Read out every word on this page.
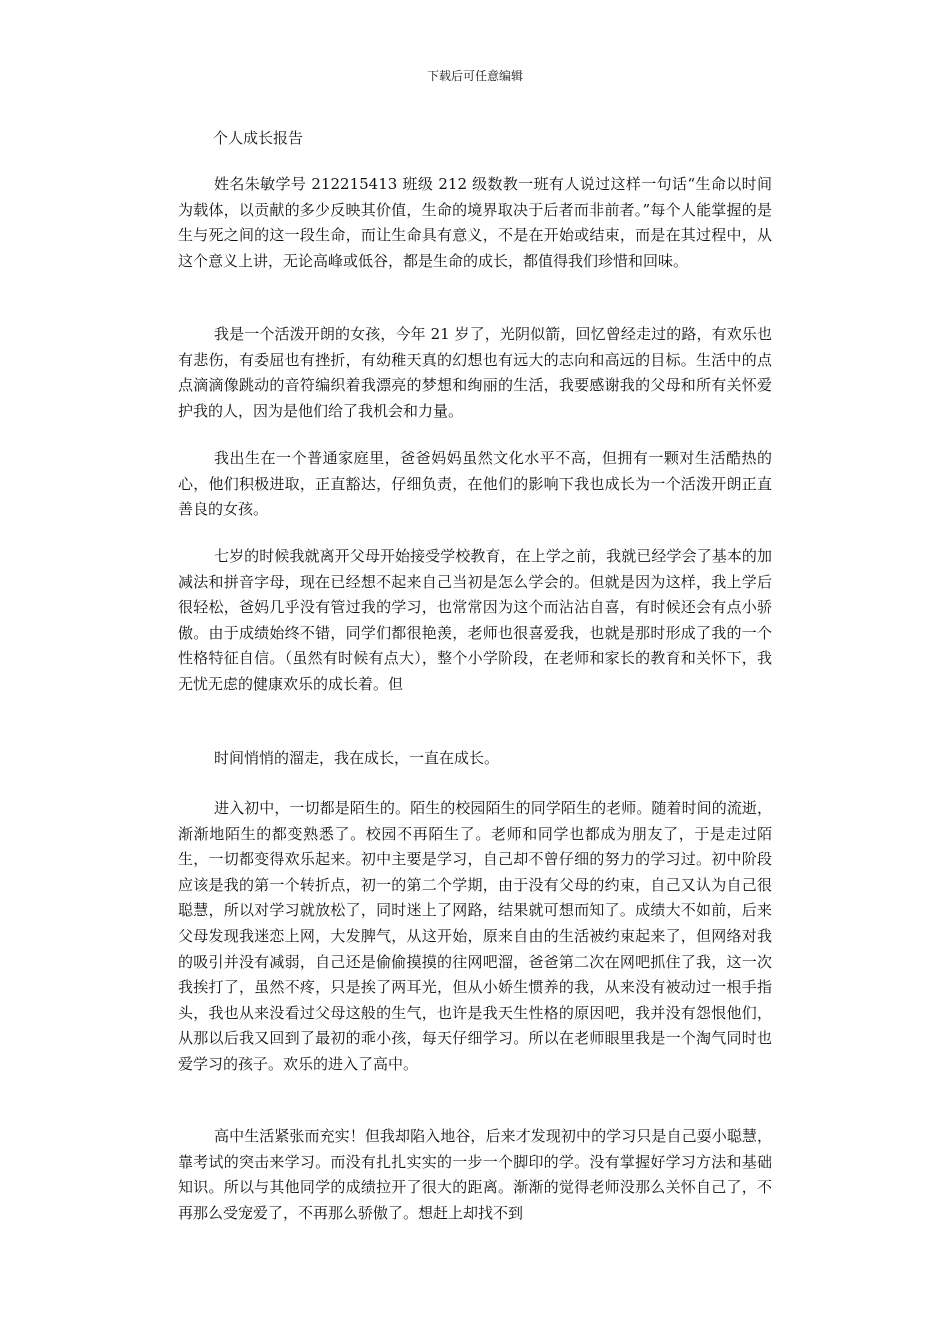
下载后可任意编辑
个人成长报告

姓名朱敏学号 212215413 班级 212 级数教一班有人说过这样一句话“生命以时间为载体，以贡献的多少反映其价值，生命的境界取决于后者而非前者。”每个人能掌握的是生与死之间的这一段生命，而让生命具有意义，不是在开始或结束，而是在其过程中，从这个意义上讲，无论高峰或低谷，都是生命的成长，都值得我们珍惜和回味。

我是一个活泼开朗的女孩，今年 21 岁了，光阴似箭，回忆曾经走过的路，有欢乐也有悲伤，有委屈也有挫折，有幼稚天真的幻想也有远大的志向和高远的目标。生活中的点点滴滴像跳动的音符编织着我漂亮的梦想和绚丽的生活，我要感谢我的父母和所有关怀爱护我的人，因为是他们给了我机会和力量。

我出生在一个普通家庭里，爸爸妈妈虽然文化水平不高，但拥有一颗对生活酷热的心，他们积极进取，正直豁达，仔细负责，在他们的影响下我也成长为一个活泼开朗正直善良的女孩。

七岁的时候我就离开父母开始接受学校教育，在上学之前，我就已经学会了基本的加减法和拼音字母，现在已经想不起来自己当初是怎么学会的。但就是因为这样，我上学后很轻松，爸妈几乎没有管过我的学习，也常常因为这个而沾沾自喜，有时候还会有点小骄傲。由于成绩始终不错，同学们都很艳羡，老师也很喜爱我，也就是那时形成了我的一个性格特征自信。（虽然有时候有点大），整个小学阶段，在老师和家长的教育和关怀下，我无忧无虑的健康欢乐的成长着。但

时间悄悄的溜走，我在成长，一直在成长。

进入初中，一切都是陌生的。陌生的校园陌生的同学陌生的老师。随着时间的流逝，渐渐地陌生的都变熟悉了。校园不再陌生了。老师和同学也都成为朋友了，于是走过陌生，一切都变得欢乐起来。初中主要是学习，自己却不曾仔细的努力的学习过。初中阶段应该是我的第一个转折点，初一的第二个学期，由于没有父母的约束，自己又认为自己很聪慧，所以对学习就放松了，同时迷上了网路，结果就可想而知了。成绩大不如前，后来父母发现我迷恋上网，大发脾气，从这开始，原来自由的生活被约束起来了，但网络对我的吸引并没有减弱，自己还是偷偷摸摸的往网吧溜，爸爸第二次在网吧抓住了我，这一次我挨打了，虽然不疼，只是挨了两耳光，但从小娇生惯养的我，从来没有被动过一根手指头，我也从来没看过父母这般的生气，也许是我天生性格的原因吧，我并没有怨恨他们，从那以后我又回到了最初的乖小孩，每天仔细学习。所以在老师眼里我是一个淘气同时也爱学习的孩子。欢乐的进入了高中。

高中生活紧张而充实！但我却陷入地谷，后来才发现初中的学习只是自己耍小聪慧，靠考试的突击来学习。而没有扎扎实实的一步一个脚印的学。没有掌握好学习方法和基础知识。所以与其他同学的成绩拉开了很大的距离。渐渐的觉得老师没那么关怀自己了，不再那么受宠爱了，不再那么骄傲了。想赶上却找不到
